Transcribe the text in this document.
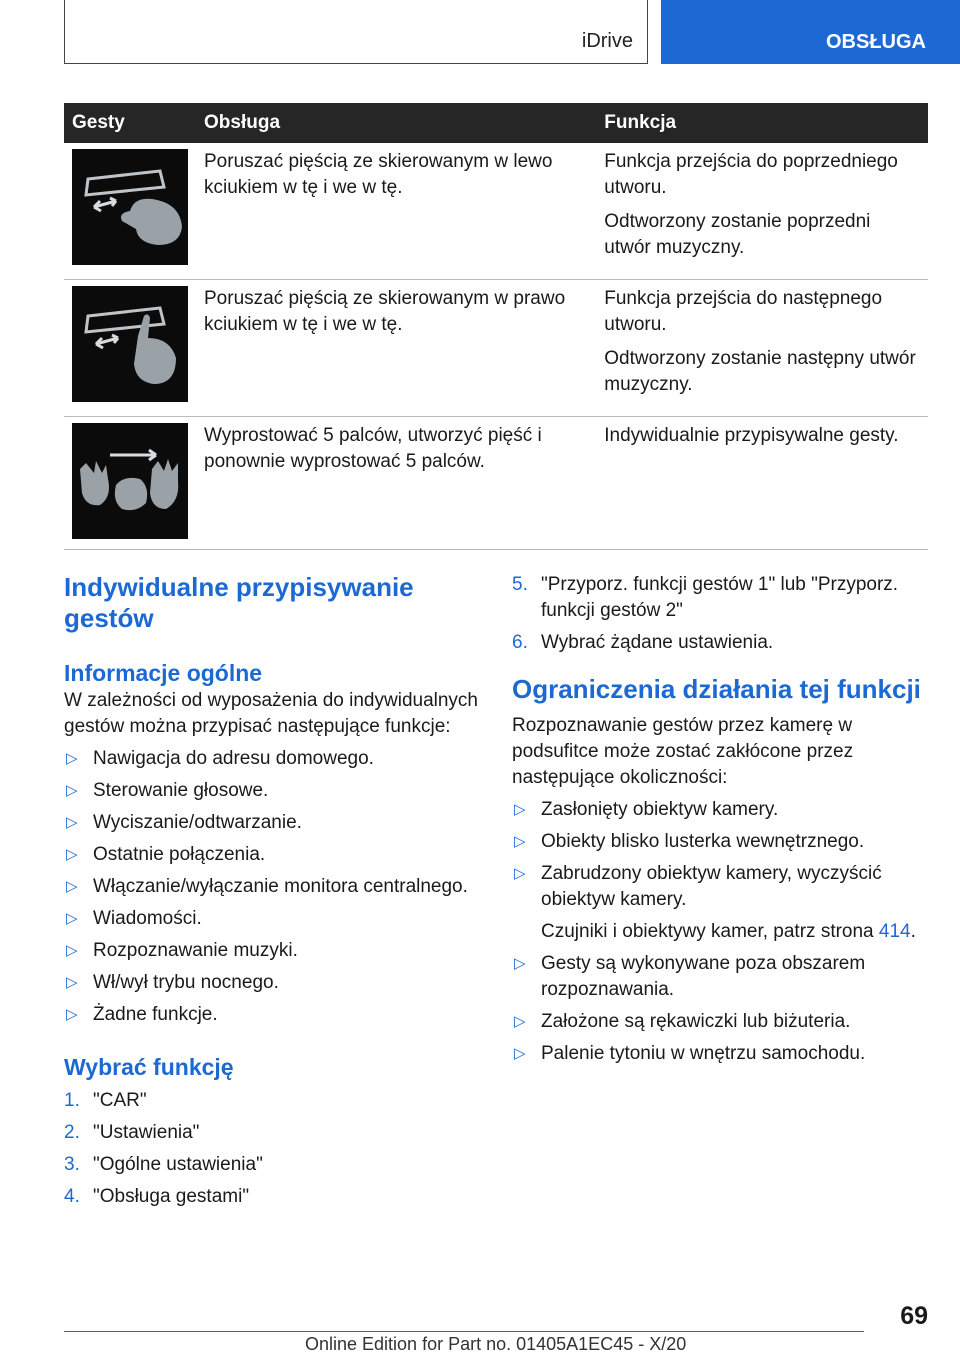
iDrive	OBSŁUGA
Gesty	Obsługa	Funkcja

Poruszać pięścią ze skierowanym w lewo kciukiem w tę i we w tę.	Funkcja przejścia do poprzedniego utworu.

Odtworzony zostanie poprzedni utwór muzyczny.

Poruszać pięścią ze skierowanym w prawo kciukiem w tę i we w tę.	Funkcja przejścia do następnego utworu.

Odtworzony zostanie następny utwór muzyczny.

Wyprostować 5 palców, utworzyć pięść i ponownie wyprostować 5 palców.	Indywidualnie przypisywalne gesty.

Indywidualne przypisywanie gestów
Informacje ogólne

W zależności od wyposażenia do indywidualnych gestów można przypisać następujące funkcje:

▷ Nawigacja do adresu domowego.
▷ Sterowanie głosowe.
▷ Wyciszanie/odtwarzanie.
▷ Ostatnie połączenia.
▷ Włączanie/wyłączanie monitora centralnego.
▷ Wiadomości.
▷ Rozpoznawanie muzyki.
▷ Wł/wył trybu nocnego.
▷ Żadne funkcje.
Wybrać funkcję
1. "CAR"
2. "Ustawienia"
3. "Ogólne ustawienia"
4. "Obsługa gestami"
5. "Przyporz. funkcji gestów 1" lub "Przyporz. funkcji gestów 2"
6. Wybrać żądane ustawienia.
Ograniczenia działania tej funkcji

Rozpoznawanie gestów przez kamerę w podsufitce może zostać zakłócone przez następujące okoliczności:

▷ Zasłonięty obiektyw kamery.
▷ Obiekty blisko lusterka wewnętrznego.
▷ Zabrudzony obiektyw kamery, wyczyścić obiektyw kamery.
Czujniki i obiektywy kamer, patrz strona 414.
▷ Gesty są wykonywane poza obszarem rozpoznawania.
▷ Założone są rękawiczki lub biżuteria.
▷ Palenie tytoniu w wnętrzu samochodu.
69
Online Edition for Part no. 01405A1EC45 - X/20
